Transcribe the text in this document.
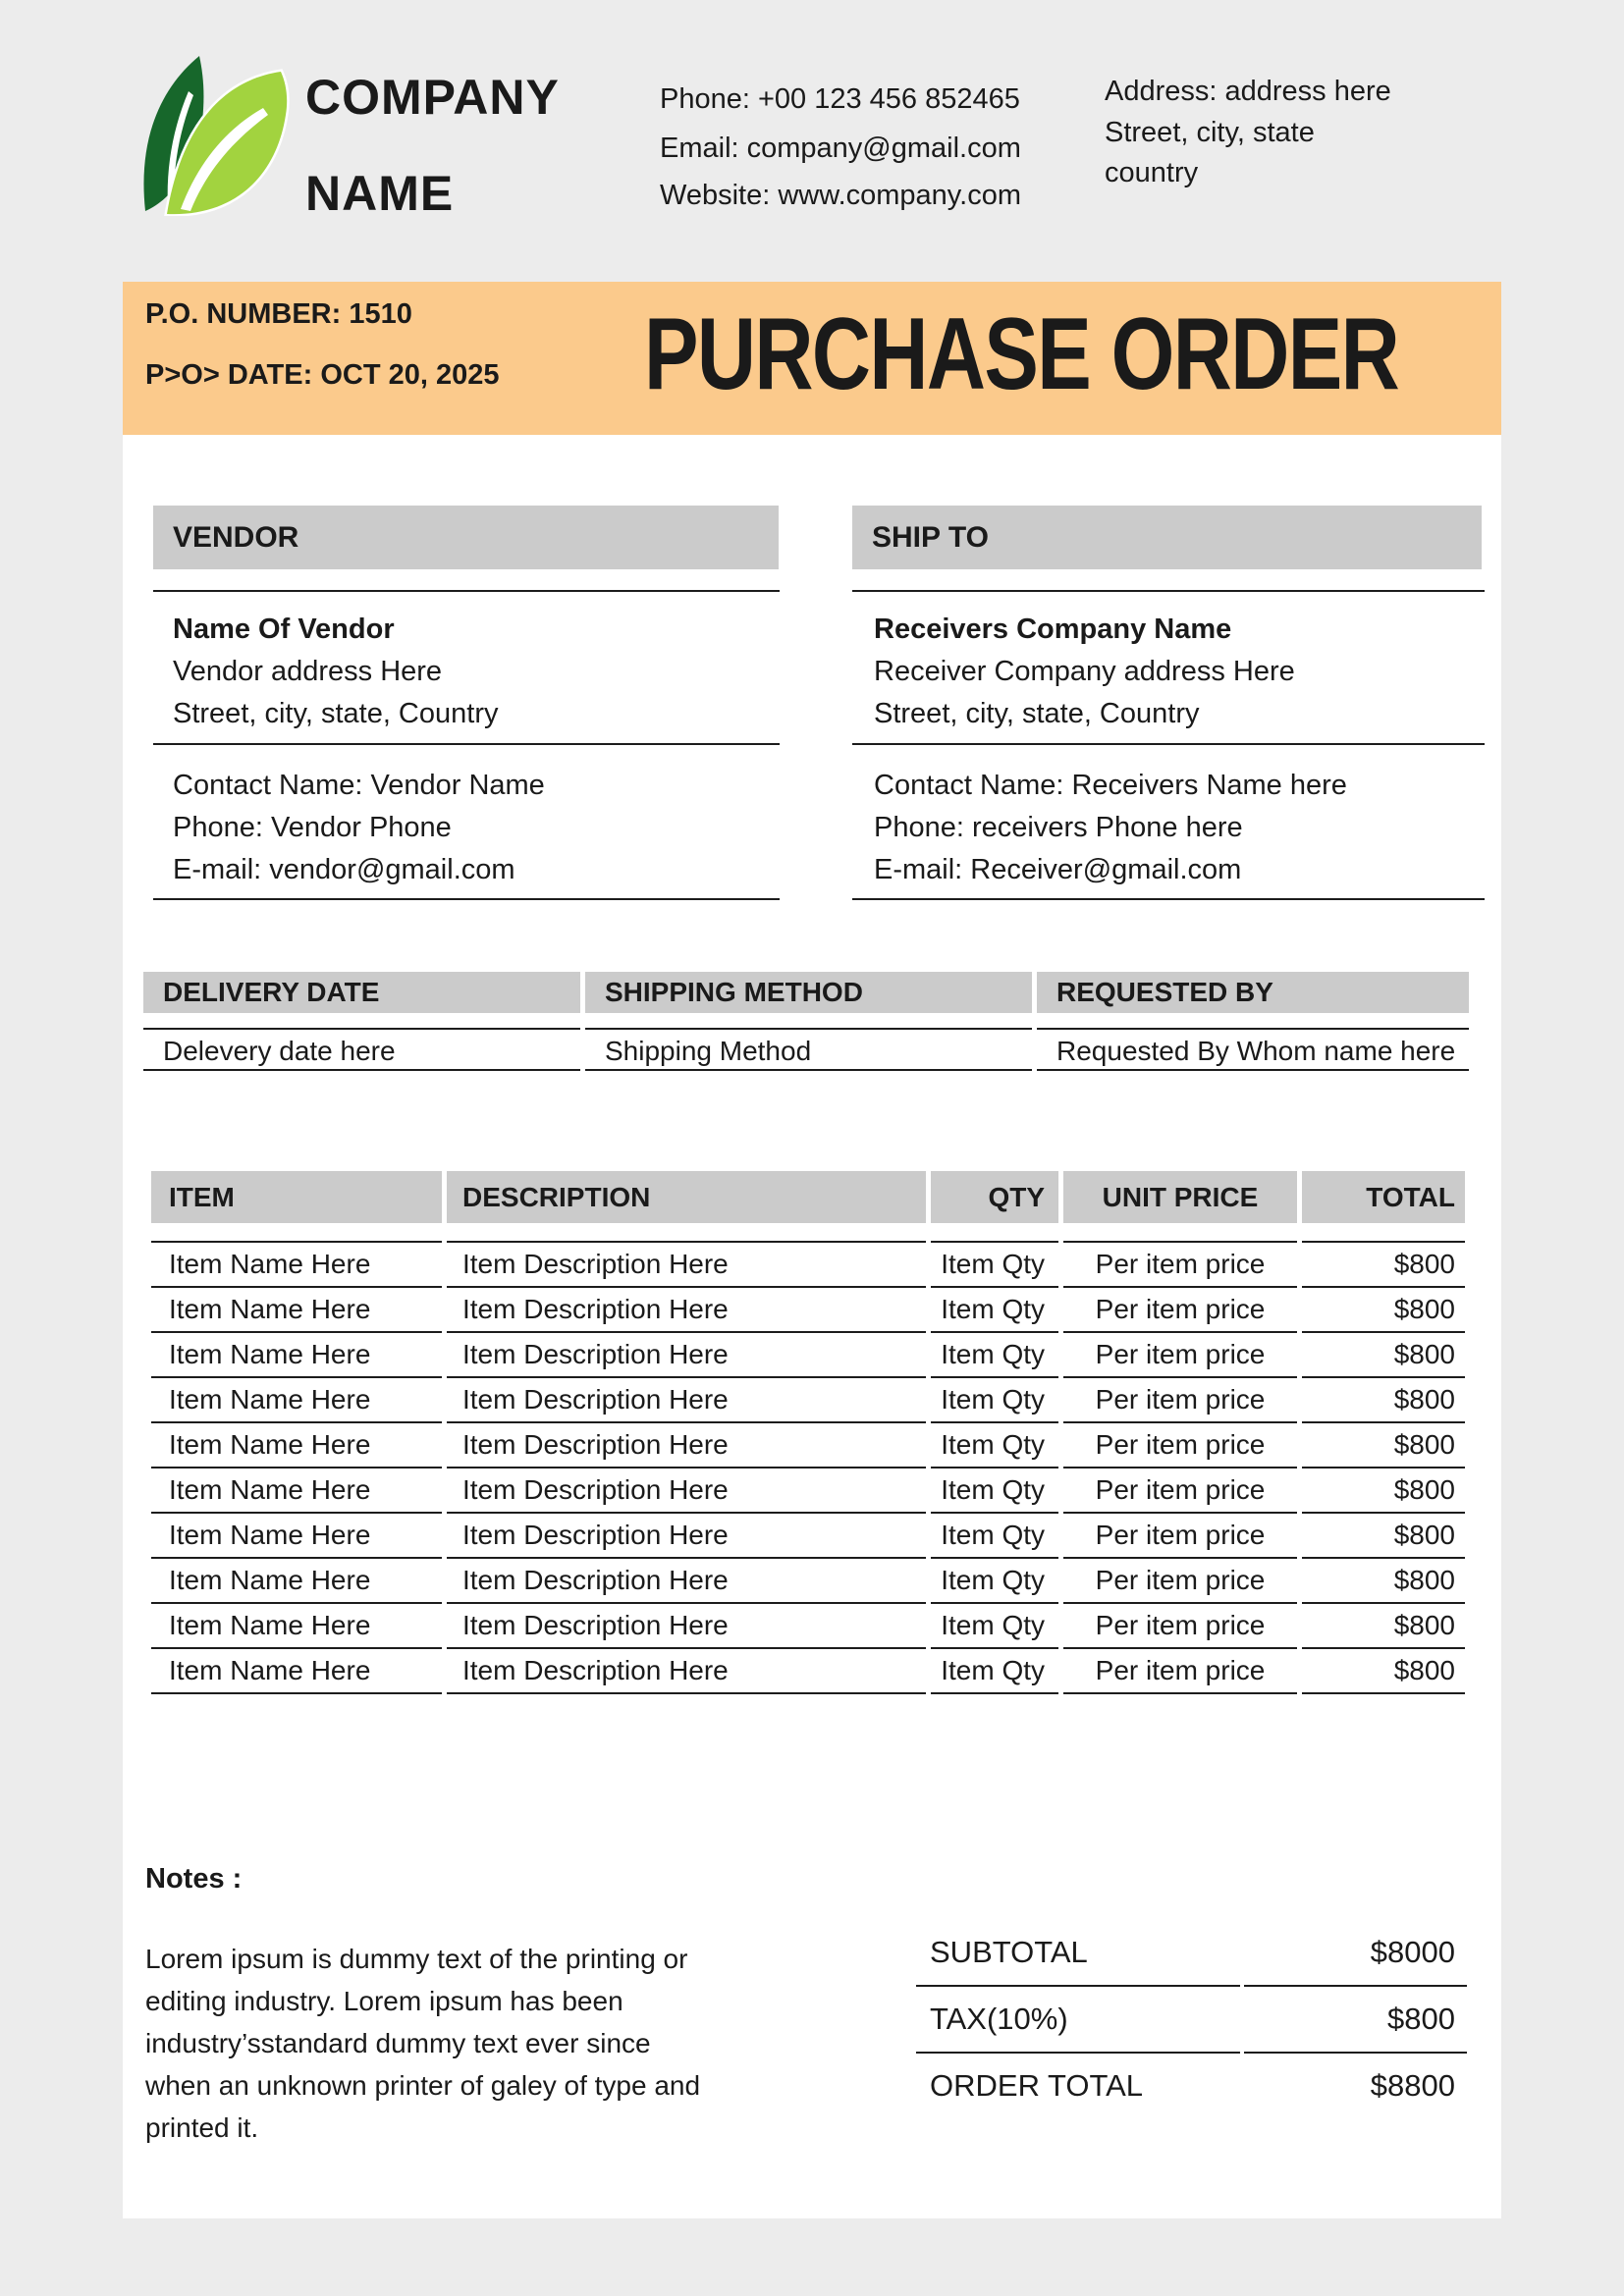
COMPANY
NAME
Phone: +00 123 456 852465
Email: company@gmail.com
Website: www.company.com
Address: address here
Street, city, state
country
P.O. NUMBER: 1510
P>O> DATE: OCT 20, 2025	PURCHASE ORDER
VENDOR
Name Of Vendor
Vendor address Here
Street, city, state, Country
Contact Name: Vendor Name
Phone: Vendor Phone
E-mail: vendor@gmail.com
SHIP TO
Receivers Company Name
Receiver Company address Here
Street, city, state, Country
Contact Name: Receivers Name here
Phone: receivers Phone here
E-mail: Receiver@gmail.com
DELIVERY DATE	SHIPPING METHOD	REQUESTED BY
Delevery date here	Shipping Method	Requested By Whom name here
ITEM	DESCRIPTION	QTY	UNIT PRICE	TOTAL

Item Name Here	Item Description Here	Item Qty	Per item price	$800
Item Name Here	Item Description Here	Item Qty	Per item price	$800
Item Name Here	Item Description Here	Item Qty	Per item price	$800
Item Name Here	Item Description Here	Item Qty	Per item price	$800
Item Name Here	Item Description Here	Item Qty	Per item price	$800
Item Name Here	Item Description Here	Item Qty	Per item price	$800
Item Name Here	Item Description Here	Item Qty	Per item price	$800
Item Name Here	Item Description Here	Item Qty	Per item price	$800
Item Name Here	Item Description Here	Item Qty	Per item price	$800
Item Name Here	Item Description Here	Item Qty	Per item price	$800
Notes :
Lorem ipsum is dummy text of the printing or editing industry. Lorem ipsum has been industry’sstandard dummy text ever since when an unknown printer of galey of type and printed it.
SUBTOTAL	$8000
TAX(10%)	$800
ORDER TOTAL	$8800
